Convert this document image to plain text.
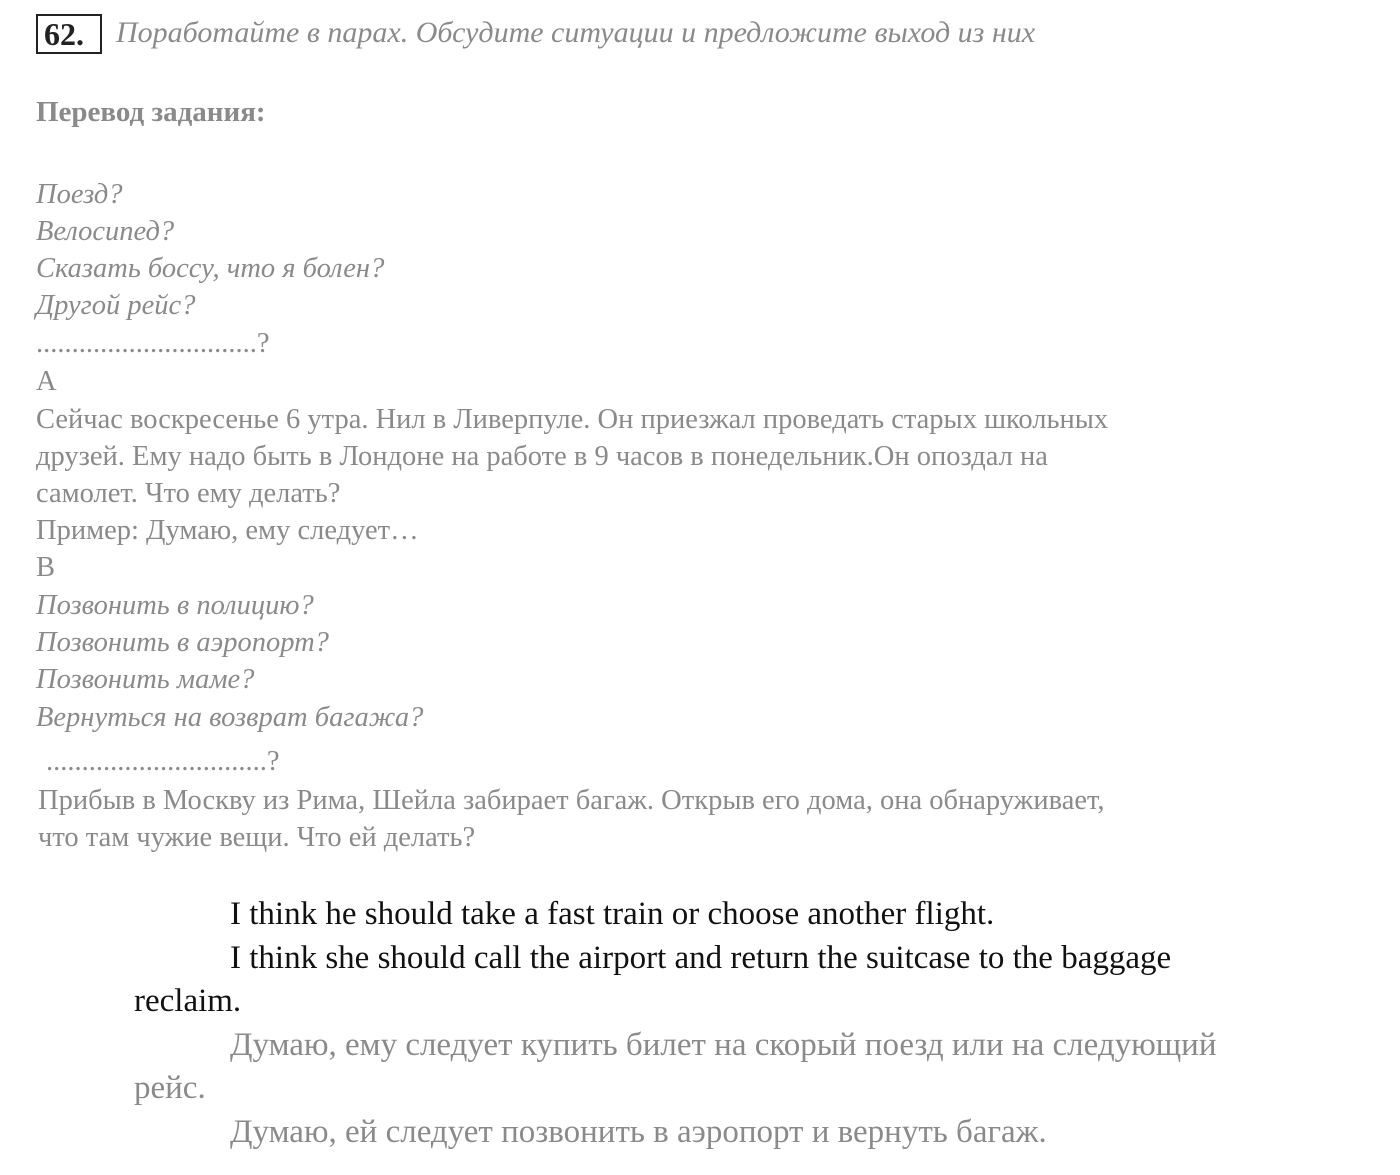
62.	Поработайте в парах. Обсудите ситуации и предложите выход из них
Перевод задания:
Поезд?
Велосипед?
Сказать боссу, что я болен?
Другой рейс?
...............................?
A
Сейчас воскресенье 6 утра. Нил в Ливерпуле. Он приезжал проведать старых школьных
друзей. Ему надо быть в Лондоне на работе в 9 часов в понедельник.Он опоздал на
самолет. Что ему делать?
Пример: Думаю, ему следует…
B
Позвонить в полицию?
Позвонить в аэропорт?
Позвонить маме?
Вернуться на возврат багажа?
...............................?
Прибыв в Москву из Рима, Шейла забирает багаж. Открыв его дома, она обнаруживает,
что там чужие вещи. Что ей делать?

I think he should take a fast train or choose another flight.

I think she should call the airport and return the suitcase to the baggage reclaim.

Думаю, ему следует купить билет на скорый поезд или на следующий рейс.

Думаю, ей следует позвонить в аэропорт и вернуть багаж.
